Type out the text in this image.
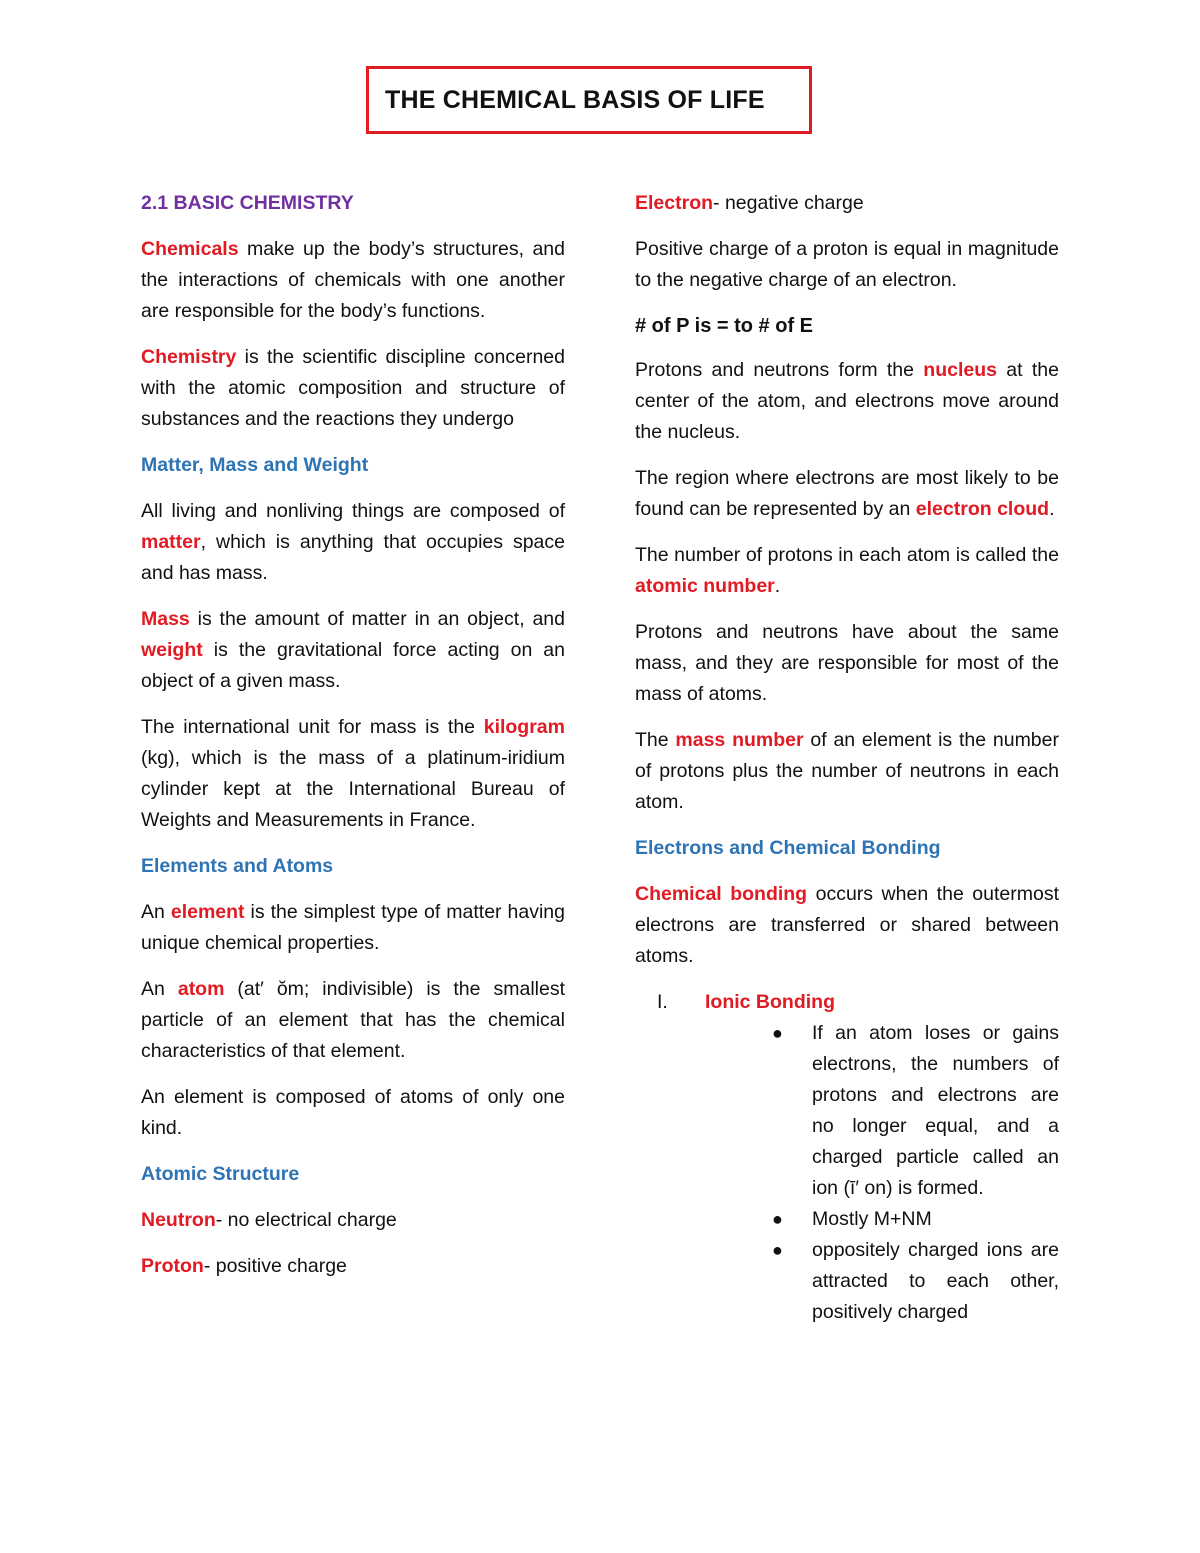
THE CHEMICAL BASIS OF LIFE
2.1 BASIC CHEMISTRY

Chemicals make up the body’s structures, and the interactions of chemicals with one another are responsible for the body’s functions.

Chemistry is the scientific discipline concerned with the atomic composition and structure of substances and the reactions they undergo

Matter, Mass and Weight

All living and nonliving things are composed of matter, which is anything that occupies space and has mass.

Mass is the amount of matter in an object, and weight is the gravitational force acting on an object of a given mass.

The international unit for mass is the kilogram (kg), which is the mass of a platinum-iridium cylinder kept at the International Bureau of Weights and Measurements in France.

Elements and Atoms

An element is the simplest type of matter having unique chemical properties.

An atom (at′ ŏm; indivisible) is the smallest particle of an element that has the chemical characteristics of that element.

An element is composed of atoms of only one kind.

Atomic Structure

Neutron- no electrical charge

Proton- positive charge

Electron- negative charge

Positive charge of a proton is equal in magnitude to the negative charge of an electron.

# of P is = to # of E

Protons and neutrons form the nucleus at the center of the atom, and electrons move around the nucleus.

The region where electrons are most likely to be found can be represented by an electron cloud.

The number of protons in each atom is called the atomic number.

Protons and neutrons have about the same mass, and they are responsible for most of the mass of atoms.

The mass number of an element is the number of protons plus the number of neutrons in each atom.

Electrons and Chemical Bonding

Chemical bonding occurs when the outermost electrons are transferred or shared between atoms.

I.	Ionic Bonding
● If an atom loses or gains electrons, the numbers of protons and electrons are no longer equal, and a charged particle called an ion (ī′ on) is formed.
● Mostly M+NM
● oppositely charged ions are attracted to each other, positively charged
